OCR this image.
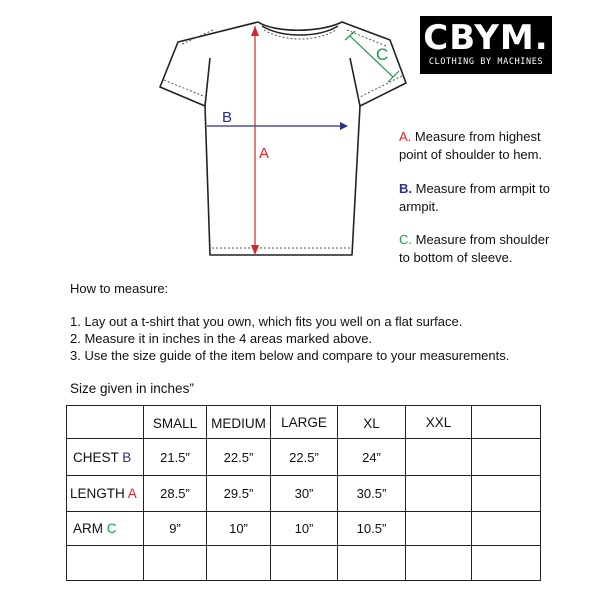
A
B
C CBYM.
CLOTHING BY MACHINES
A. Measure from highest
point of shoulder to hem.
B. Measure from armpit to
armpit.
C. Measure from shoulder
to bottom of sleeve.
How to measure:
1. Lay out a t-shirt that you own, which fits you well on a flat surface.
2. Measure it in inches in the 4 areas marked above.
3. Use the size guide of the item below and compare to your measurements.
Size given in inches”
	SMALL	MEDIUM	LARGE	XL	XXL	
CHEST B	21.5”	22.5”	22.5”	24”		
LENGTH A	28.5”	29.5”	30”	30.5”		
ARM C	9”	10”	10”	10.5”		
